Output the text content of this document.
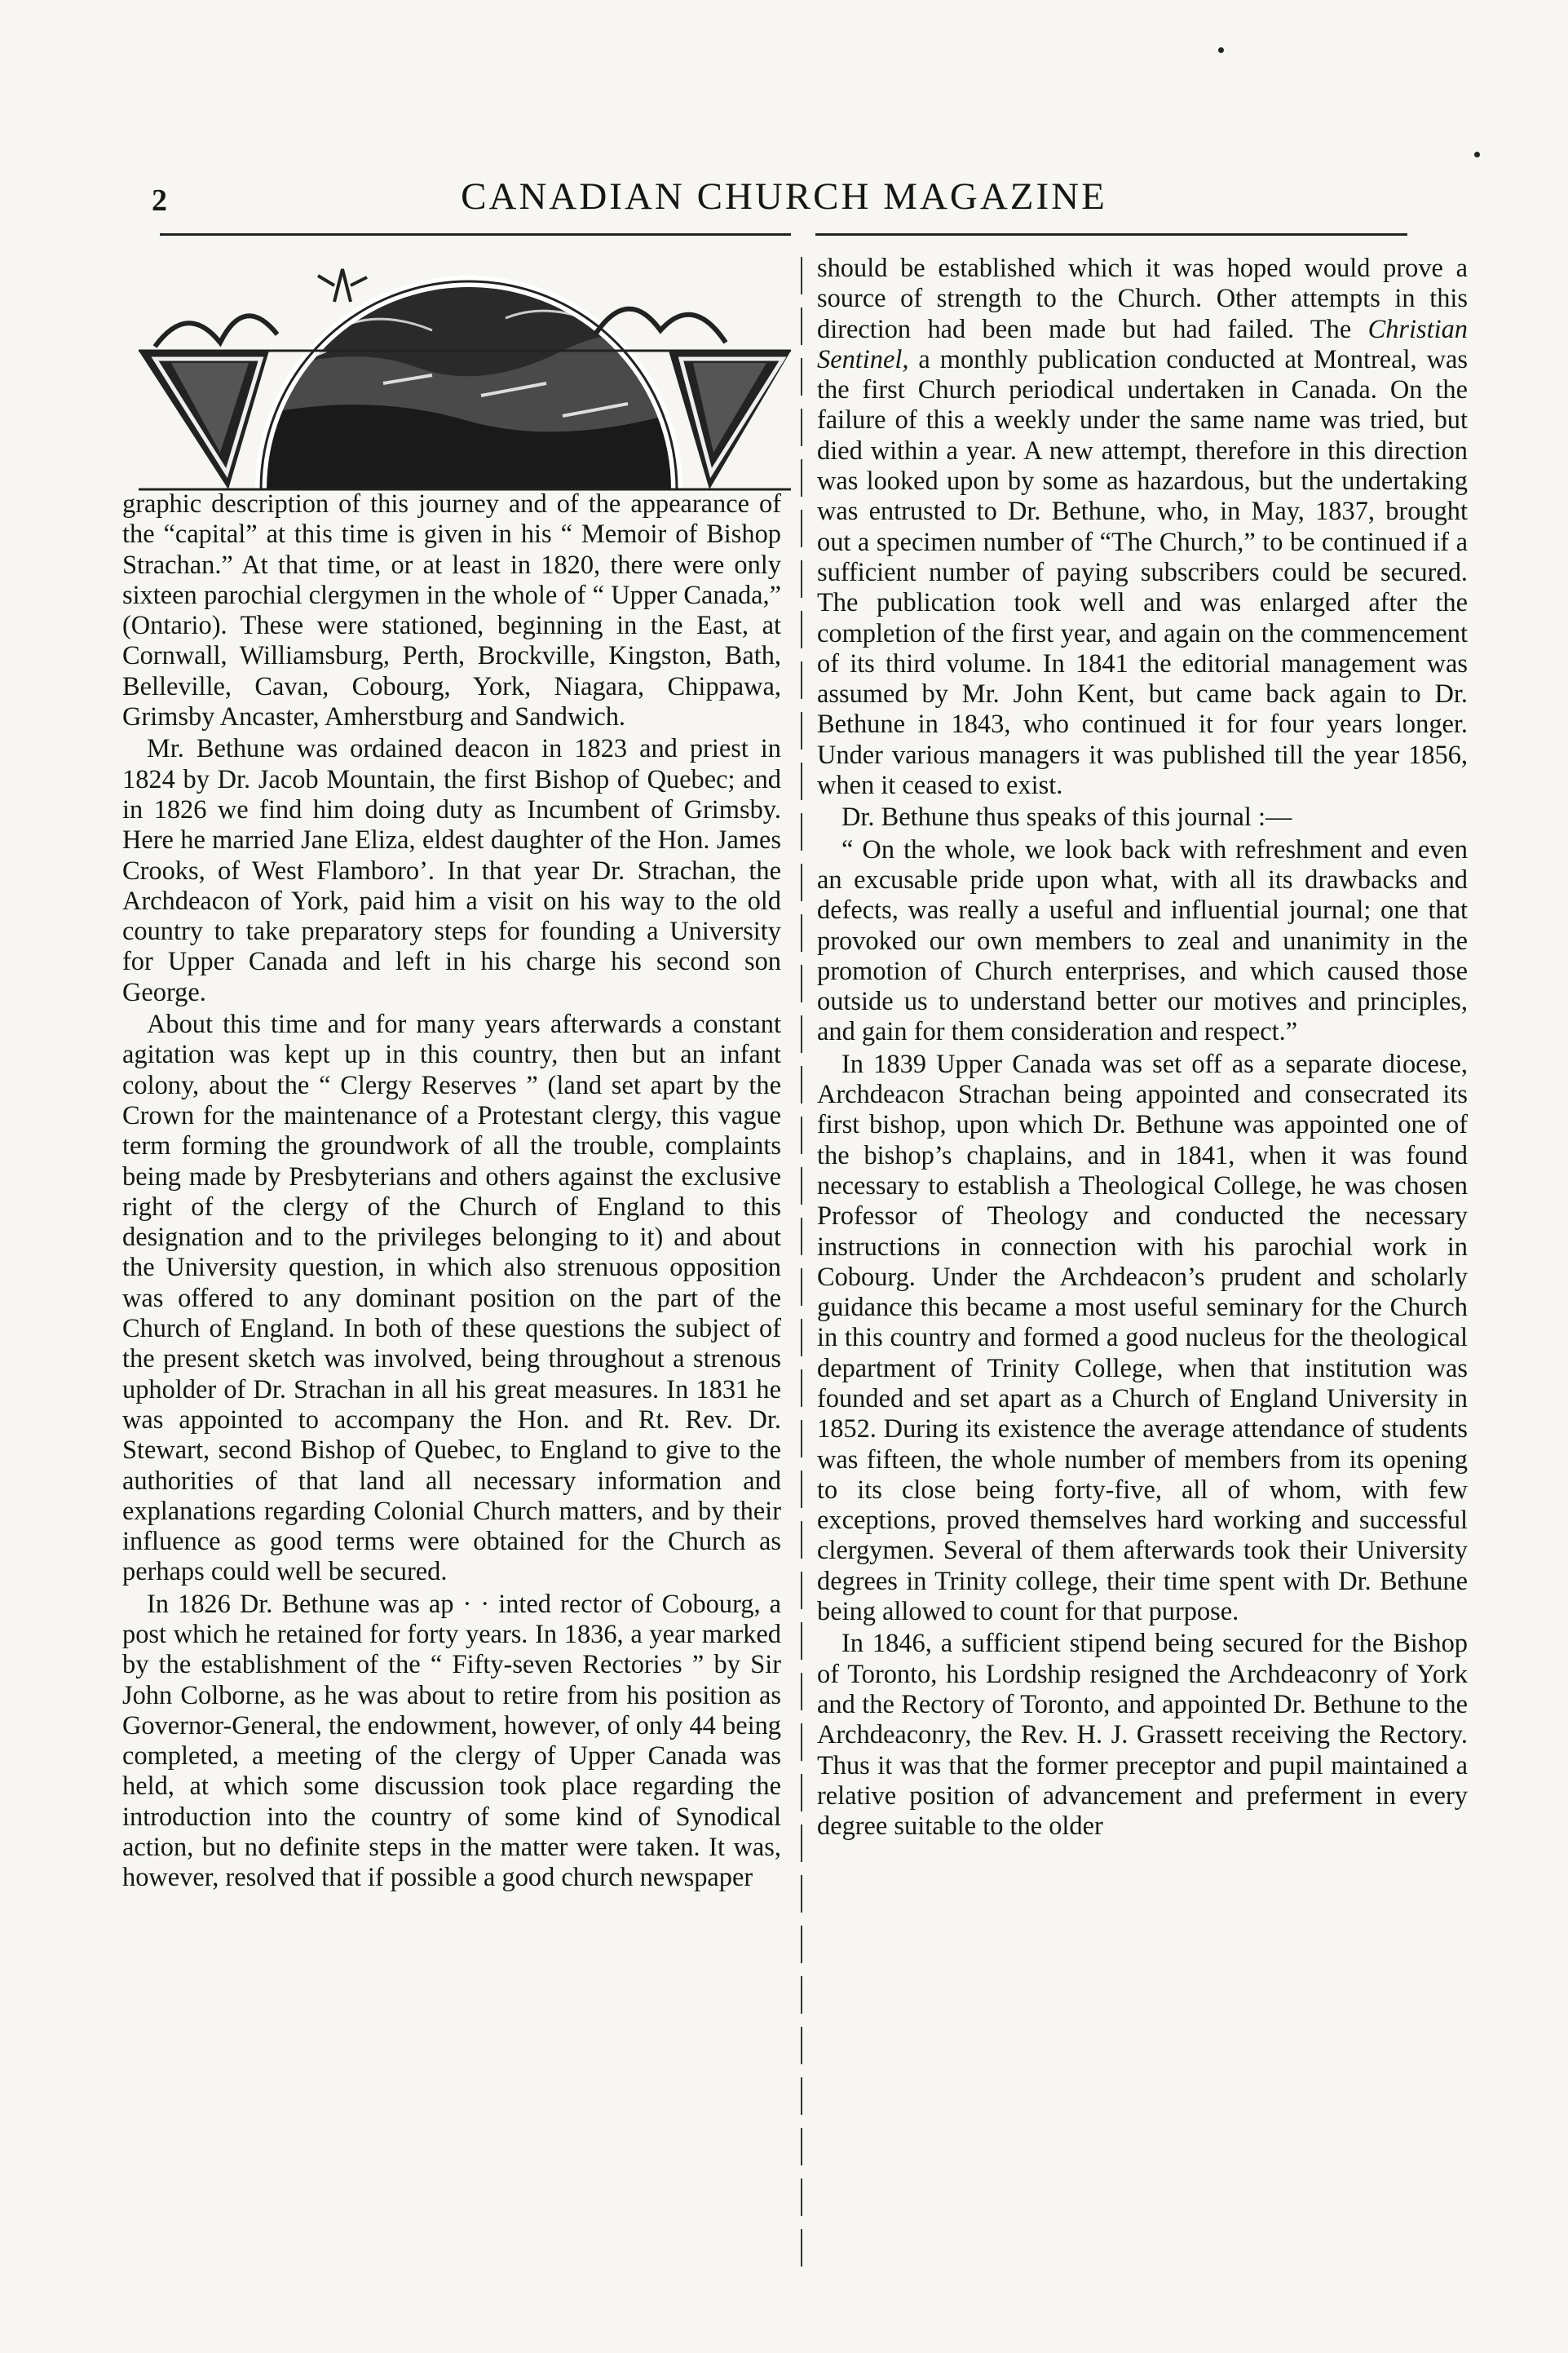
2	CANADIAN CHURCH MAGAZINE

graphic description of this journey and of the appearance of the “capital” at this time is given in his “ Memoir of Bishop Strachan.” At that time, or at least in 1820, there were only sixteen parochial clergymen in the whole of “ Upper Canada,” (Ontario). These were stationed, beginning in the East, at Cornwall, Williamsburg, Perth, Brockville, Kingston, Bath, Belleville, Cavan, Cobourg, York, Niagara, Chippawa, Grimsby Ancaster, Amherstburg and Sandwich.

Mr. Bethune was ordained deacon in 1823 and priest in 1824 by Dr. Jacob Mountain, the first Bishop of Quebec; and in 1826 we find him doing duty as Incumbent of Grimsby. Here he married Jane Eliza, eldest daughter of the Hon. James Crooks, of West Flamboro’. In that year Dr. Strachan, the Archdeacon of York, paid him a visit on his way to the old country to take preparatory steps for founding a University for Upper Canada and left in his charge his second son George.

About this time and for many years afterwards a constant agitation was kept up in this country, then but an infant colony, about the “ Clergy Reserves ” (land set apart by the Crown for the maintenance of a Protestant clergy, this vague term forming the groundwork of all the trouble, complaints being made by Presbyterians and others against the exclusive right of the clergy of the Church of England to this designation and to the privileges belonging to it) and about the University question, in which also strenuous opposition was offered to any dominant position on the part of the Church of England. In both of these questions the subject of the present sketch was involved, being throughout a strenous upholder of Dr. Strachan in all his great measures. In 1831 he was appointed to accompany the Hon. and Rt. Rev. Dr. Stewart, second Bishop of Quebec, to England to give to the authorities of that land all necessary information and explanations regarding Colonial Church matters, and by their influence as good terms were obtained for the Church as perhaps could well be secured.

In 1826 Dr. Bethune was ap · · inted rector of Cobourg, a post which he retained for forty years. In 1836, a year marked by the establishment of the “ Fifty-seven Rectories ” by Sir John Colborne, as he was about to retire from his position as Governor-General, the endowment, however, of only 44 being completed, a meeting of the clergy of Upper Canada was held, at which some discussion took place regarding the introduction into the country of some kind of Synodical action, but no definite steps in the matter were taken. It was, however, resolved that if possible a good church newspaper

should be established which it was hoped would prove a source of strength to the Church. Other attempts in this direction had been made but had failed. The Christian Sentinel, a monthly publication conducted at Montreal, was the first Church periodical undertaken in Canada. On the failure of this a weekly under the same name was tried, but died within a year. A new attempt, therefore in this direction was looked upon by some as hazardous, but the undertaking was entrusted to Dr. Bethune, who, in May, 1837, brought out a specimen number of “The Church,” to be continued if a sufficient number of paying subscribers could be secured. The publication took well and was enlarged after the completion of the first year, and again on the commencement of its third volume. In 1841 the editorial management was assumed by Mr. John Kent, but came back again to Dr. Bethune in 1843, who continued it for four years longer. Under various managers it was published till the year 1856, when it ceased to exist.

Dr. Bethune thus speaks of this journal :—

“ On the whole, we look back with refreshment and even an excusable pride upon what, with all its drawbacks and defects, was really a useful and influential journal; one that provoked our own members to zeal and unanimity in the promotion of Church enterprises, and which caused those outside us to understand better our motives and principles, and gain for them consideration and respect.”

In 1839 Upper Canada was set off as a separate diocese, Archdeacon Strachan being appointed and consecrated its first bishop, upon which Dr. Bethune was appointed one of the bishop’s chaplains, and in 1841, when it was found necessary to establish a Theological College, he was chosen Professor of Theology and conducted the necessary instructions in connection with his parochial work in Cobourg. Under the Archdeacon’s prudent and scholarly guidance this became a most useful seminary for the Church in this country and formed a good nucleus for the theological department of Trinity College, when that institution was founded and set apart as a Church of England University in 1852. During its existence the average attendance of students was fifteen, the whole number of members from its opening to its close being forty-five, all of whom, with few exceptions, proved themselves hard working and successful clergymen. Several of them afterwards took their University degrees in Trinity college, their time spent with Dr. Bethune being allowed to count for that purpose.

In 1846, a sufficient stipend being secured for the Bishop of Toronto, his Lordship resigned the Archdeaconry of York and the Rectory of Toronto, and appointed Dr. Bethune to the Archdeaconry, the Rev. H. J. Grassett receiving the Rectory. Thus it was that the former preceptor and pupil maintained a relative position of advancement and preferment in every degree suitable to the older
